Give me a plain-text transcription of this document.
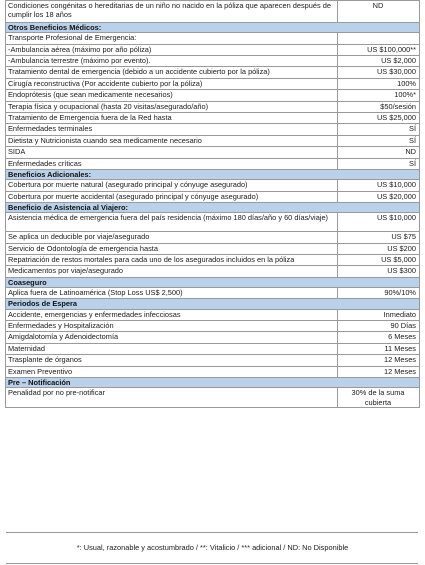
Condiciones congénitas o hereditarias de un niño no nacido en la póliza que aparecen después de cumplir los 18 años	ND
Otros Beneficios Médicos:	
Transporte Profesional de Emergencia:	
-Ambulancia aérea (máximo por año póliza)	US $100,000**
-Ambulancia terrestre (máximo por evento).	US $2,000
Tratamiento dental de emergencia (debido a un accidente cubierto por la póliza)	US $30,000
Cirugía reconstructiva (Por accidente cubierto por la póliza)	100%
Endoprótesis (que sean medicamente necesarios)	100%*
Terapia física y ocupacional (hasta 20 visitas/asegurado/año)	$50/sesión
Tratamiento de Emergencia fuera de la Red hasta	US $25,000
Enfermedades terminales	SÍ
Dietista y Nutricionista cuando sea medicamente necesario	SÍ
SIDA	ND
Enfermedades críticas	SÍ
Beneficios Adicionales:	
Cobertura por muerte natural (asegurado principal y cónyuge asegurado)	US $10,000
Cobertura por muerte accidental (asegurado principal y cónyuge asegurado)	US $20,000
Beneficio de Asistencia al Viajero:	
Asistencia médica de emergencia fuera del país residencia (máximo 180 días/año y 60 días/viaje)	US $10,000
Se aplica un deducible por viaje/asegurado	US $75
Servicio de Odontología de emergencia hasta	US $200
Repatriación de restos mortales para cada uno de los asegurados incluidos en la póliza	US $5,000
Medicamentos por viaje/asegurado	US $300
Coaseguro	
Aplica fuera de Latinoamérica (Stop Loss US$ 2,500)	90%/10%
Periodos de Espera	
Accidente, emergencias y enfermedades infecciosas	Inmediato
Enfermedades y Hospitalización	90 Días
Amigdalotomía y Adenoidectomía	6 Meses
Maternidad	11 Meses
Trasplante de órganos	12 Meses
Examen Preventivo	12 Meses
Pre – Notificación	
Penalidad por no pre-notificar	30% de la suma cubierta
*: Usual, razonable y acostumbrado / **: Vitalicio / *** adicional / ND: No Disponible
